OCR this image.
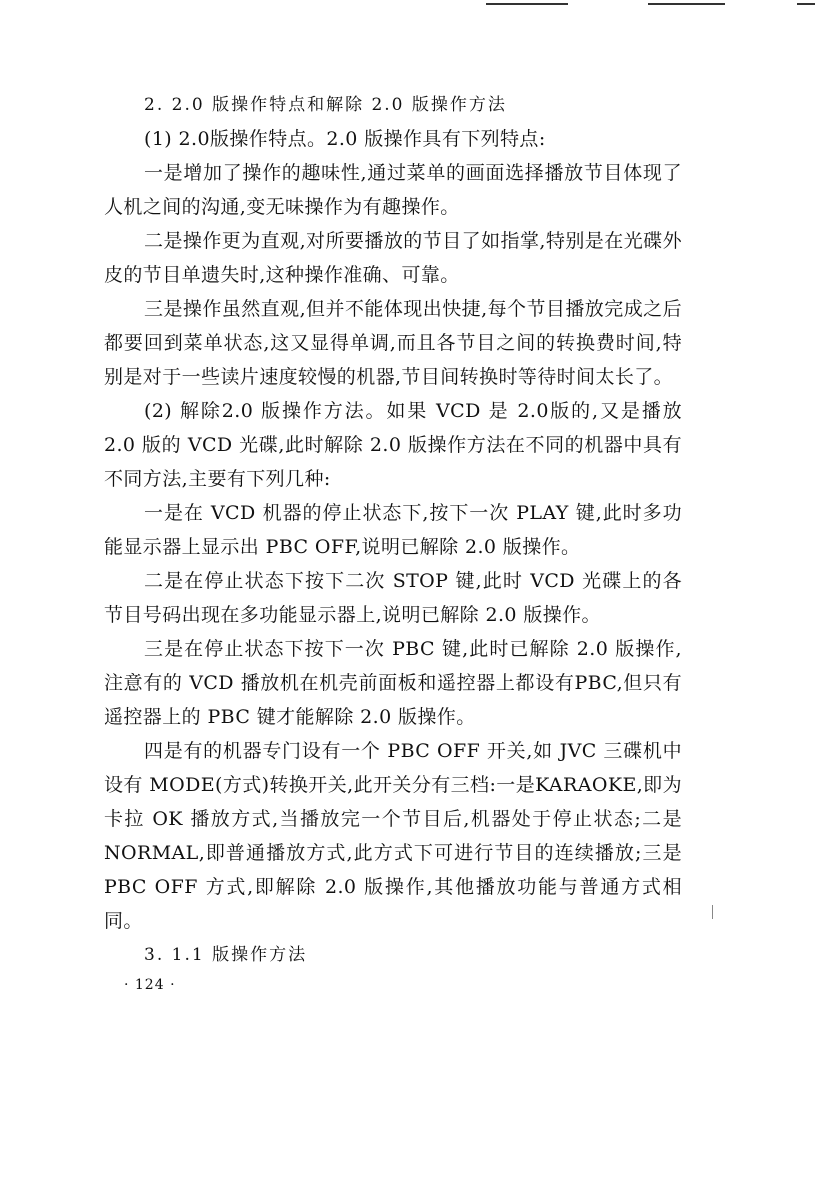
2. 2.0 版操作特点和解除 2.0 版操作方法

(1) 2.0版操作特点。2.0 版操作具有下列特点:

一是增加了操作的趣味性,通过菜单的画面选择播放节目体现了人机之间的沟通,变无味操作为有趣操作。

二是操作更为直观,对所要播放的节目了如指掌,特别是在光碟外皮的节目单遗失时,这种操作准确、可靠。

三是操作虽然直观,但并不能体现出快捷,每个节目播放完成之后都要回到菜单状态,这又显得单调,而且各节目之间的转换费时间,特别是对于一些读片速度较慢的机器,节目间转换时等待时间太长了。

(2) 解除2.0 版操作方法。如果 VCD 是 2.0版的,又是播放 2.0 版的 VCD 光碟,此时解除 2.0 版操作方法在不同的机器中具有不同方法,主要有下列几种:

一是在 VCD 机器的停止状态下,按下一次 PLAY 键,此时多功能显示器上显示出 PBC OFF,说明已解除 2.0 版操作。

二是在停止状态下按下二次 STOP 键,此时 VCD 光碟上的各节目号码出现在多功能显示器上,说明已解除 2.0 版操作。

三是在停止状态下按下一次 PBC 键,此时已解除 2.0 版操作,注意有的 VCD 播放机在机壳前面板和遥控器上都设有PBC,但只有遥控器上的 PBC 键才能解除 2.0 版操作。

四是有的机器专门设有一个 PBC OFF 开关,如 JVC 三碟机中设有 MODE(方式)转换开关,此开关分有三档:一是KARAOKE,即为卡拉 OK 播放方式,当播放完一个节目后,机器处于停止状态;二是 NORMAL,即普通播放方式,此方式下可进行节目的连续播放;三是 PBC OFF 方式,即解除 2.0 版操作,其他播放功能与普通方式相同。

3. 1.1 版操作方法

· 124 ·
